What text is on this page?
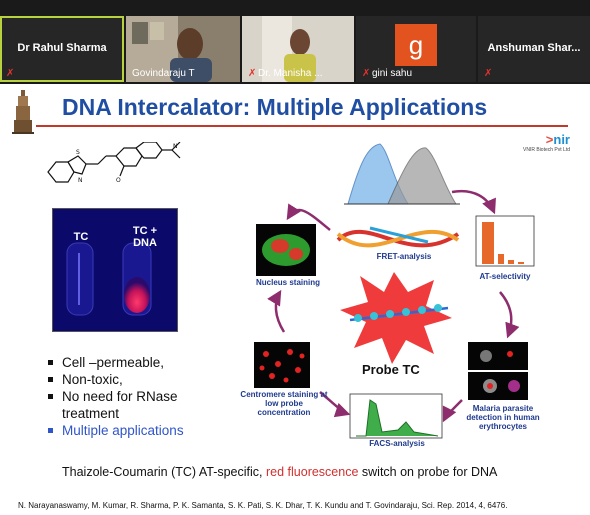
Dr Rahul Sharma
✗	Govindaraju T	✗ Dr. Manisha ...
g
✗ gini sahu
Anshuman Shar...
✗
DNA Intercalator: Multiple Applications
>nir
VNIR Biotech Pvt Ltd
S
N	O
N
TC	TC + DNA
Cell –permeable,
Non-toxic,
No need for RNase treatment
Multiple applications
Nucleus staining
FRET-analysis
AT-selectivity
Probe TC
Centromere staining at low probe concentration	Malaria parasite detection in human erythrocytes
FACS-analysis
Thaizole-Coumarin (TC) AT-specific, red fluorescence switch on probe for DNA
N. Narayanaswamy, M. Kumar, R. Sharma, P. K. Samanta, S. K. Pati, S. K. Dhar, T. K. Kundu and T. Govindaraju, Sci. Rep. 2014, 4, 6476.
